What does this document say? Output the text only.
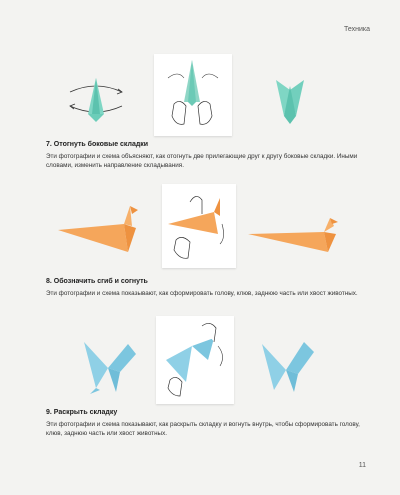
Техника
7. Отогнуть боковые складки
Эти фотографии и схема объясняют, как отогнуть две прилегающие друг к другу боковые складки. Иными словами, изменить направление складывания.
8. Обозначить сгиб и согнуть
Эти фотографии и схема показывают, как сформировать голову, клюв, заднюю часть или хвост животных.
9. Раскрыть складку
Эти фотографии и схема показывают, как раскрыть складку и вогнуть внутрь, чтобы сформировать голову, клюв, заднюю часть или хвост животных.
11
